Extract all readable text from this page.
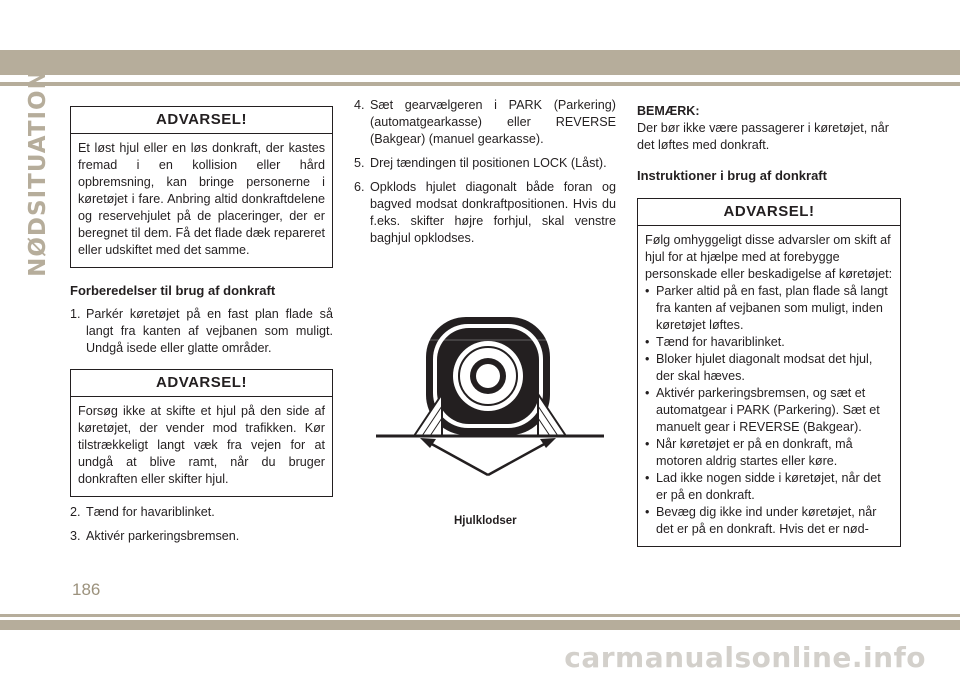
NØDSITUATION	ADVARSEL!
Et løst hjul eller en løs donkraft, der kastes fremad i en kollision eller hård opbremsning, kan bringe personerne i køretøjet i fare. Anbring altid donkraftdelene og reservehjulet på de placeringer, der er beregnet til dem. Få det flade dæk repareret eller udskiftet med det samme.
Forberedelser til brug af donkraft
1. Parkér køretøjet på en fast plan flade så langt fra kanten af vejbanen som muligt. Undgå isede eller glatte områder.
ADVARSEL!
Forsøg ikke at skifte et hjul på den side af køretøjet, der vender mod trafikken. Kør tilstrækkeligt langt væk fra vejen for at undgå at blive ramt, når du bruger donkraften eller skifter hjul.
2. Tænd for havariblinket.
3. Aktivér parkeringsbremsen.
4. Sæt gearvælgeren i PARK (Parkering) (automatgearkasse) eller REVERSE (Bakgear) (manuel gearkasse).
5. Drej tændingen til positionen LOCK (Låst).
6. Opklods hjulet diagonalt både foran og bagved modsat donkraftpositionen. Hvis du f.eks. skifter højre forhjul, skal venstre baghjul opklodses.
Hjulklodser
BEMÆRK:
Der bør ikke være passagerer i køretøjet, når det løftes med donkraft.
Instruktioner i brug af donkraft
ADVARSEL!
Følg omhyggeligt disse advarsler om skift af hjul for at hjælpe med at forebygge personskade eller beskadigelse af køretøjet:
• Parker altid på en fast, plan flade så langt fra kanten af vejbanen som muligt, inden køretøjet løftes.
• Tænd for havariblinket.
• Bloker hjulet diagonalt modsat det hjul, der skal hæves.
• Aktivér parkeringsbremsen, og sæt et automatgear i PARK (Parkering). Sæt et manuelt gear i REVERSE (Bakgear).
• Når køretøjet er på en donkraft, må motoren aldrig startes eller køre.
• Lad ikke nogen sidde i køretøjet, når det er på en donkraft.
• Bevæg dig ikke ind under køretøjet, når det er på en donkraft. Hvis det er nød-
186
carmanualsonline.info
